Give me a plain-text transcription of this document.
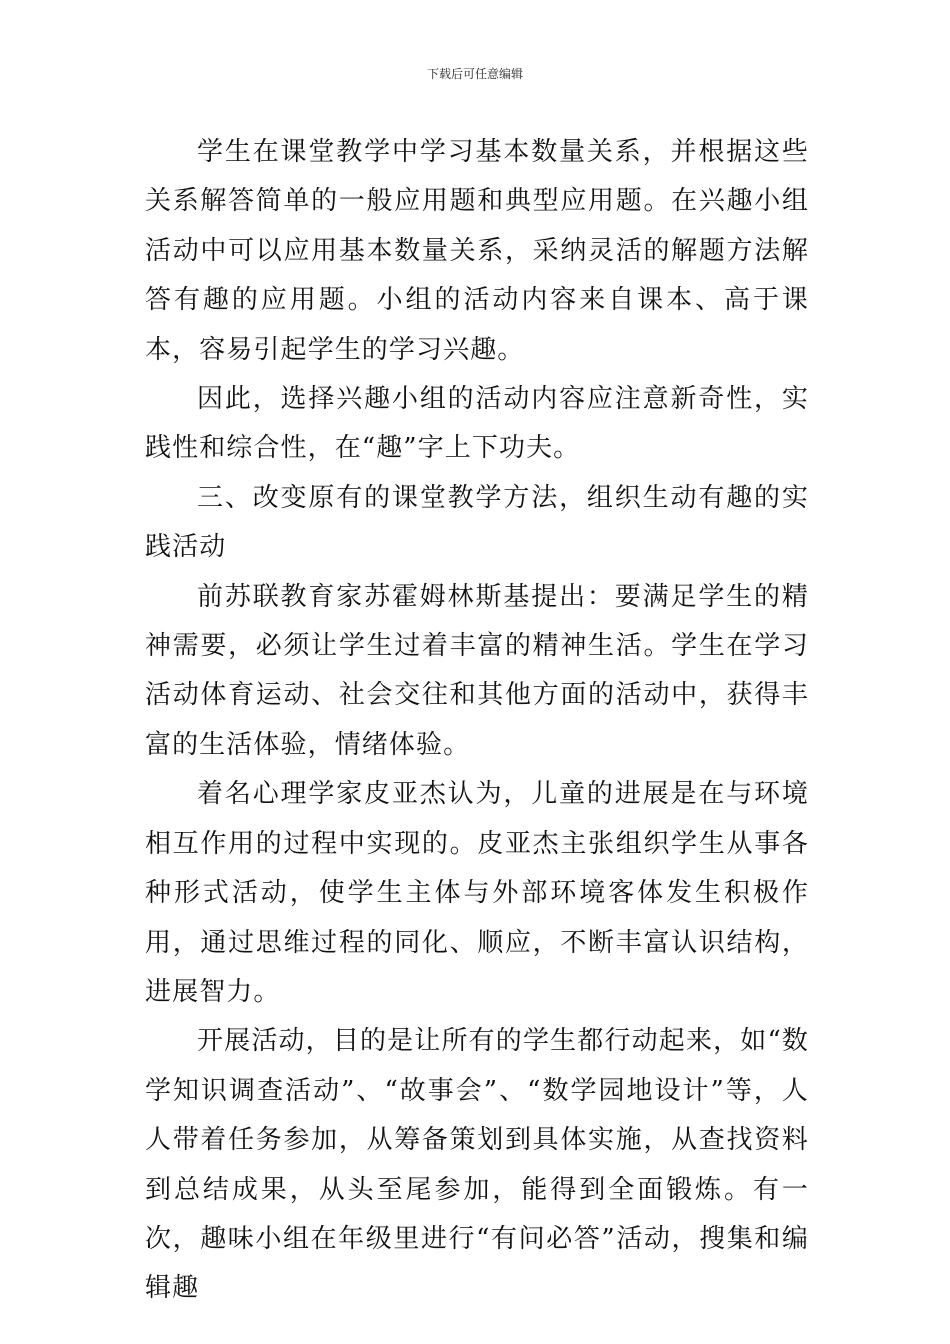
下载后可任意编辑

学生在课堂教学中学习基本数量关系，并根据这些关系解答简单的一般应用题和典型应用题。在兴趣小组活动中可以应用基本数量关系，采纳灵活的解题方法解答有趣的应用题。小组的活动内容来自课本、高于课本，容易引起学生的学习兴趣。

因此，选择兴趣小组的活动内容应注意新奇性，实践性和综合性，在“趣”字上下功夫。

三、改变原有的课堂教学方法，组织生动有趣的实践活动

前苏联教育家苏霍姆林斯基提出：要满足学生的精神需要，必须让学生过着丰富的精神生活。学生在学习活动体育运动、社会交往和其他方面的活动中，获得丰富的生活体验，情绪体验。

着名心理学家皮亚杰认为，儿童的进展是在与环境相互作用的过程中实现的。皮亚杰主张组织学生从事各种形式活动，使学生主体与外部环境客体发生积极作用，通过思维过程的同化、顺应，不断丰富认识结构，进展智力。

开展活动，目的是让所有的学生都行动起来，如“数学知识调查活动”、“故事会”、“数学园地设计”等，人人带着任务参加，从筹备策划到具体实施，从查找资料到总结成果，从头至尾参加，能得到全面锻炼。有一次，趣味小组在年级里进行“有问必答”活动，搜集和编辑趣
